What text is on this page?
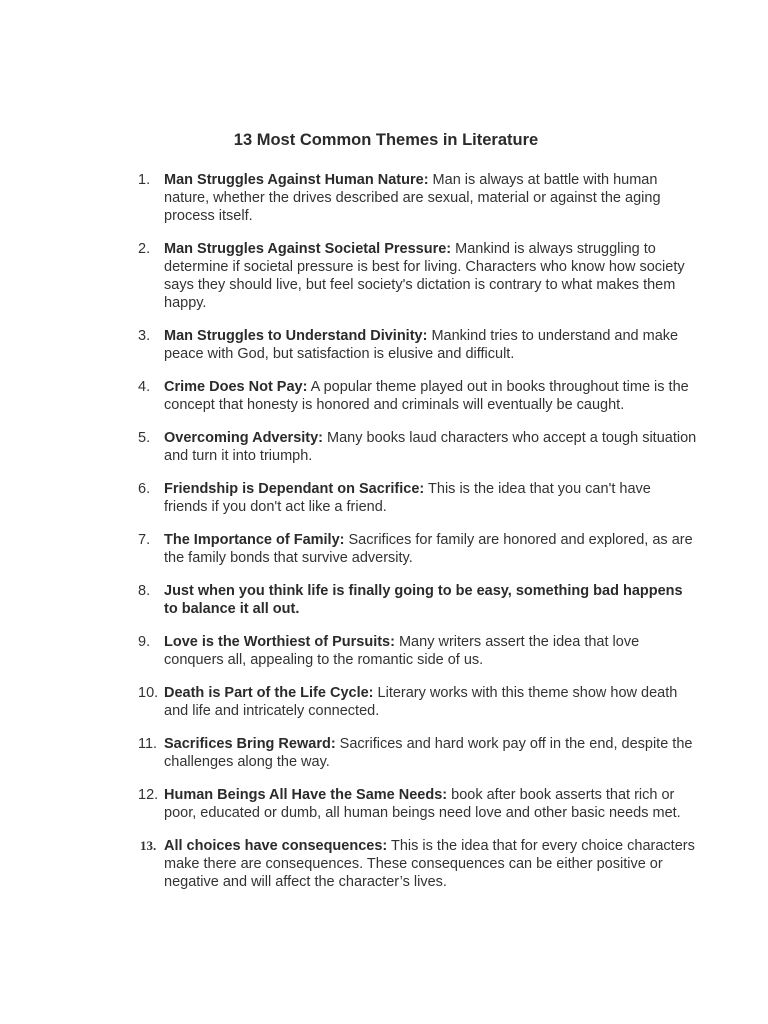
13 Most Common Themes in Literature
1. Man Struggles Against Human Nature: Man is always at battle with human nature, whether the drives described are sexual, material or against the aging process itself.
2. Man Struggles Against Societal Pressure: Mankind is always struggling to determine if societal pressure is best for living. Characters who know how society says they should live, but feel society's dictation is contrary to what makes them happy.
3. Man Struggles to Understand Divinity: Mankind tries to understand and make peace with God, but satisfaction is elusive and difficult.
4. Crime Does Not Pay: A popular theme played out in books throughout time is the concept that honesty is honored and criminals will eventually be caught.
5. Overcoming Adversity: Many books laud characters who accept a tough situation and turn it into triumph.
6. Friendship is Dependant on Sacrifice: This is the idea that you can't have friends if you don't act like a friend.
7. The Importance of Family: Sacrifices for family are honored and explored, as are the family bonds that survive adversity.
8. Just when you think life is finally going to be easy, something bad happens to balance it all out.
9. Love is the Worthiest of Pursuits: Many writers assert the idea that love conquers all, appealing to the romantic side of us.
10. Death is Part of the Life Cycle: Literary works with this theme show how death and life and intricately connected.
11. Sacrifices Bring Reward: Sacrifices and hard work pay off in the end, despite the challenges along the way.
12. Human Beings All Have the Same Needs: book after book asserts that rich or poor, educated or dumb, all human beings need love and other basic needs met.
13. All choices have consequences: This is the idea that for every choice characters make there are consequences. These consequences can be either positive or negative and will affect the character’s lives.
